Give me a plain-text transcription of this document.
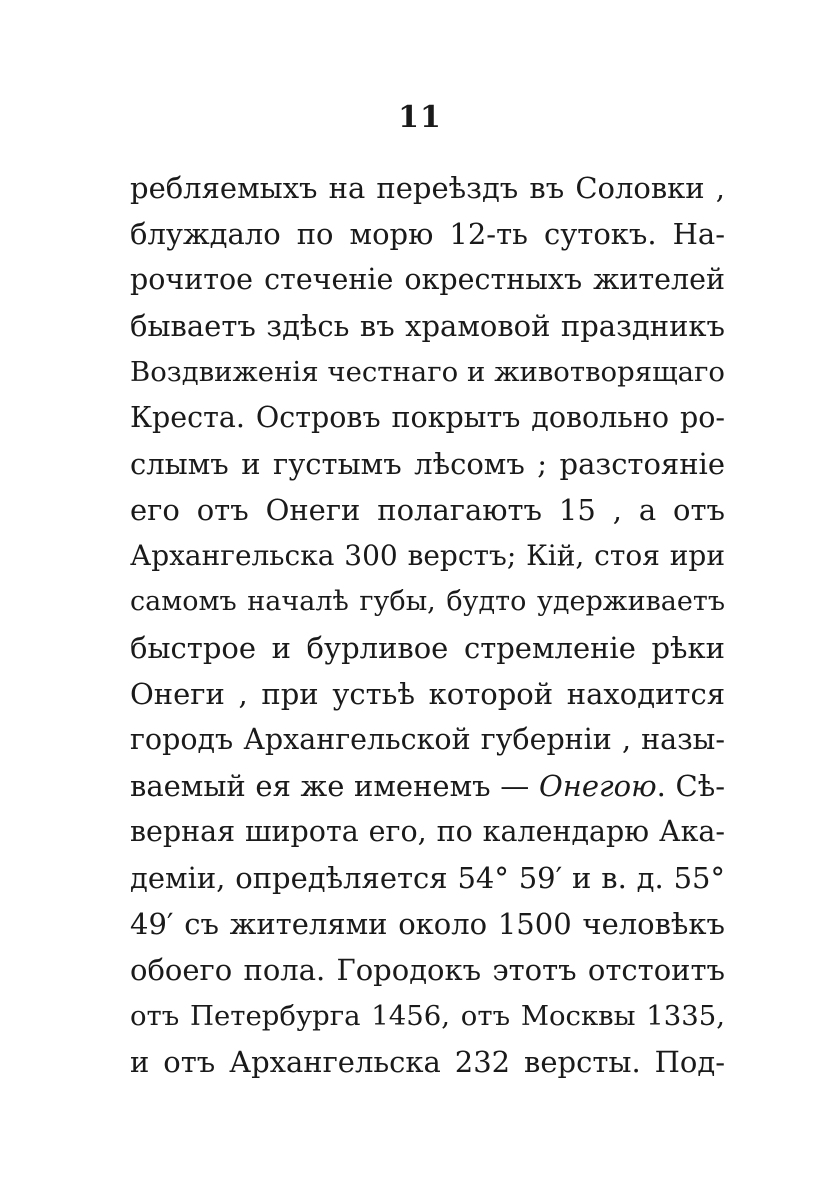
11
ребляемыхъ на переѣздъ въ Соловки ,
блуждало по морю 12-ть сутокъ. На-
рочитое стеченіе окрестныхъ жителей
бываетъ здѣсь въ храмовой праздникъ
Воздвиженія честнаго и животворящаго
Креста. Островъ покрытъ довольно ро-
слымъ и густымъ лѣсомъ ; разстояніе
его отъ Онеги полагаютъ 15 , а отъ
Архангельска 300 верстъ; Кій, стоя ири
самомъ началѣ губы, будто удерживаетъ
быстрое и бурливое стремленіе рѣки
Онеги , при устьѣ которой находится
городъ Архангельской губерніи , назы-
ваемый ея же именемъ — Онегою. Сѣ-
верная широта его, по календарю Ака-
деміи, опредѣляется 54° 59′ и в. д. 55°
49′ съ жителями около 1500 человѣкъ
обоего пола. Городокъ этотъ отстоитъ
отъ Петербурга 1456, отъ Москвы 1335,
и отъ Архангельска 232 версты. Под-
